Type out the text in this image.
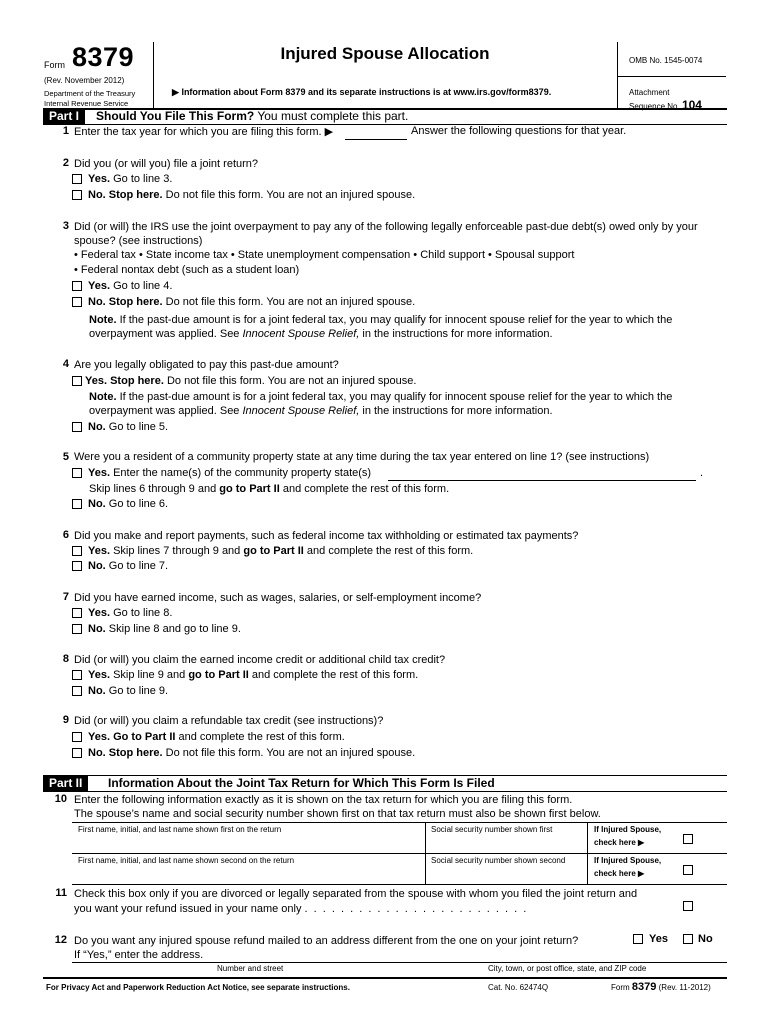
Form 8379
(Rev. November 2012)
Department of the Treasury
Internal Revenue Service
Injured Spouse Allocation
▶ Information about Form 8379 and its separate instructions is at www.irs.gov/form8379.
OMB No. 1545-0074
Attachment
Sequence No. 104
Part I	Should You File This Form? You must complete this part.
1 Enter the tax year for which you are filing this form. ▶	Answer the following questions for that year.
2 Did you (or will you) file a joint return?
Yes. Go to line 3.
No. Stop here. Do not file this form. You are not an injured spouse.
3 Did (or will) the IRS use the joint overpayment to pay any of the following legally enforceable past-due debt(s) owed only by your
spouse? (see instructions)
• Federal tax • State income tax • State unemployment compensation • Child support • Spousal support
• Federal nontax debt (such as a student loan)
Yes. Go to line 4.
No. Stop here. Do not file this form. You are not an injured spouse.
Note. If the past-due amount is for a joint federal tax, you may qualify for innocent spouse relief for the year to which the
overpayment was applied. See Innocent Spouse Relief, in the instructions for more information.
4 Are you legally obligated to pay this past-due amount?
Yes. Stop here. Do not file this form. You are not an injured spouse.
Note. If the past-due amount is for a joint federal tax, you may qualify for innocent spouse relief for the year to which the
overpayment was applied. See Innocent Spouse Relief, in the instructions for more information.
No. Go to line 5.
5 Were you a resident of a community property state at any time during the tax year entered on line 1? (see instructions)
Yes. Enter the name(s) of the community property state(s)	.
Skip lines 6 through 9 and go to Part II and complete the rest of this form.
No. Go to line 6.
6 Did you make and report payments, such as federal income tax withholding or estimated tax payments?
Yes. Skip lines 7 through 9 and go to Part II and complete the rest of this form.
No. Go to line 7.
7 Did you have earned income, such as wages, salaries, or self-employment income?
Yes. Go to line 8.
No. Skip line 8 and go to line 9.
8 Did (or will) you claim the earned income credit or additional child tax credit?
Yes. Skip line 9 and go to Part II and complete the rest of this form.
No. Go to line 9.
9 Did (or will) you claim a refundable tax credit (see instructions)?
Yes. Go to Part II and complete the rest of this form.
No. Stop here. Do not file this form. You are not an injured spouse.
Part II	Information About the Joint Tax Return for Which This Form Is Filed
10 Enter the following information exactly as it is shown on the tax return for which you are filing this form.
The spouse’s name and social security number shown first on that tax return must also be shown first below.
First name, initial, and last name shown first on the return	Social security number shown first	If Injured Spouse,
check here ▶
First name, initial, and last name shown second on the return	Social security number shown second	If Injured Spouse,
check here ▶
11 Check this box only if you are divorced or legally separated from the spouse with whom you filed the joint return and
you want your refund issued in your name only . . . . . . . . . . . . . . . . . . . . . . . . .
12 Do you want any injured spouse refund mailed to an address different from the one on your joint return?
If “Yes,” enter the address.
Yes	No
Number and street	City, town, or post office, state, and ZIP code
For Privacy Act and Paperwork Reduction Act Notice, see separate instructions.	Cat. No. 62474Q	Form 8379 (Rev. 11-2012)
